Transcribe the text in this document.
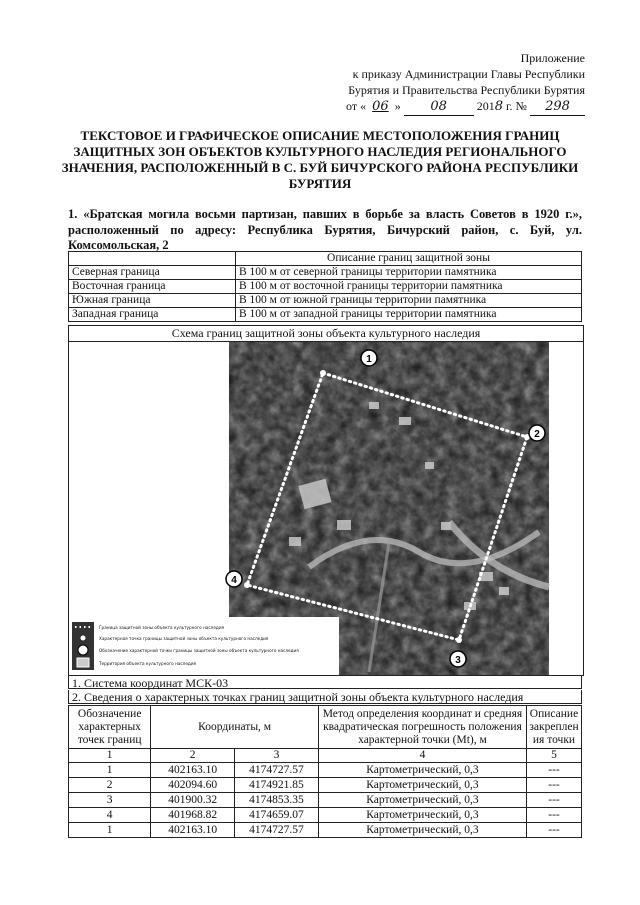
Приложение
к приказу Администрации Главы Республики
Бурятия и Правительства Республики Бурятия
от « 06 » 08 2018 г. № 298
ТЕКСТОВОЕ И ГРАФИЧЕСКОЕ ОПИСАНИЕ МЕСТОПОЛОЖЕНИЯ ГРАНИЦ ЗАЩИТНЫХ ЗОН ОБЪЕКТОВ КУЛЬТУРНОГО НАСЛЕДИЯ РЕГИОНАЛЬНОГО ЗНАЧЕНИЯ, РАСПОЛОЖЕННЫЙ В С. БУЙ БИЧУРСКОГО РАЙОНА РЕСПУБЛИКИ БУРЯТИЯ
1. «Братская могила восьми партизан, павших в борьбе за власть Советов в 1920 г.», расположенный по адресу: Республика Бурятия, Бичурский район, с. Буй, ул. Комсомольская, 2
	Описание границ защитной зоны
Северная граница	В 100 м от северной границы территории памятника
Восточная граница	В 100 м от восточной границы территории памятника
Южная граница	В 100 м от южной границы территории памятника
Западная граница	В 100 м от западной границы территории памятника
Схема границ защитной зоны объекта культурного наследия
1
2
3
4
Граница защитной зоны объекта культурного наследия
Характерная точка границы защитной зоны объекта культурного наследия
Обозначение характерной точки границы защитной зоны объекта культурного наследия
Территория объекта культурного наследия
1. Система координат МСК-03
2. Сведения о характерных точках границ защитной зоны объекта культурного наследия
Обозначение характерных точек границ	Координаты, м		Метод определения координат и средняя квадратическая погрешность положения характерной точки (Mt), м	Описание закреплен ия точки
1	2	3	4	5
1	402163.10	4174727.57	Картометрический, 0,3	---
2	402094.60	4174921.85	Картометрический, 0,3	---
3	401900.32	4174853.35	Картометрический, 0,3	---
4	401968.82	4174659.07	Картометрический, 0,3	---
1	402163.10	4174727.57	Картометрический, 0,3	---
